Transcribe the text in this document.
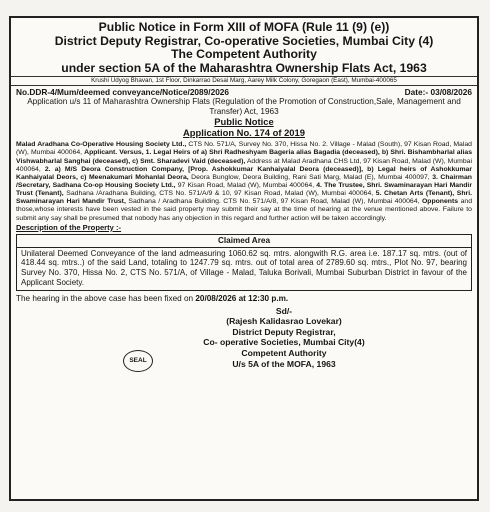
Public Notice in Form XIII of MOFA (Rule 11 (9) (e))
District Deputy Registrar, Co-operative Societies, Mumbai City (4)
The Competent Authority
under section 5A of the Maharashtra Ownership Flats Act, 1963
Krushi Udyog Bhavan, 1st Floor, Dinkarrao Desai Marg, Aarey Milk Colony, Goregaon (East), Mumbai-400065
No.DDR-4/Mum/deemed conveyance/Notice/2089/2026	Date:- 03/08/2026
Application u/s 11 of Maharashtra Ownership Flats (Regulation of the Promotion of Construction,Sale, Management and Transfer) Act, 1963
Public Notice
Application No. 174 of 2019
Malad Aradhana Co-Operative Housing Society Ltd., CTS No. 571/A, Survey No. 370, Hissa No. 2. Village - Malad (South), 97 Kisan Road, Malad (W), Mumbai 400064, Applicant. Versus, 1. Legal Heirs of a) Shri Radheshyam Bageria alias Bagadia (deceased), b) Shri. Bishambharlal alias Vishwabharlal Sanghai (deceased), c) Smt. Sharadevi Vaid (deceased), Address at Malad Aradhana CHS Ltd, 97 Kisan Road, Malad (W), Mumbai 400064, 2. a) M/S Deora Construction Company, [Prop. Ashokkumar Kanhaiyalal Deora (deceased)], b) Legal heirs of Ashokkumar Kanhaiyalal Deors, c) Meenakumari Mohanlal Deora, Deora Bunglow, Deora Building, Rani Sati Marg, Malad (E), Mumbai 400097, 3. Chairman /Secretary, Sadhana Co-op Housing Society Ltd., 97 Kisan Road, Malad (W), Mumbai 400064, 4. The Trustee, Shri. Swaminarayan Hari Mandir Trust (Tenant), Sadhana /Aradhana Building, CTS No. 571/A/9 & 10, 97 Kisan Road, Malad (W), Mumbai 400064, 5. Chetan Arts (Tenant), Shri. Swaminarayan Hari Mandir Trust, Sadhana / Aradhana Building. CTS No. 571/A/8, 97 Kisan Road, Malad (W), Mumbai 400064, Opponents and those,whose interests have been vested in the said property may submit their say at the time of hearing at the venue mentioned above. Failure to submit any say shall be presumed that nobody has any objection in this regard and further action will be taken accordingly.
Description of the Property :-
Claimed Area
Unilateral Deemed Conveyance of the land admeasuring 1060.62 sq. mtrs. alongwith R.G. area i.e. 187.17 sq. mtrs. (out of 418.44 sq. mtrs..) of the said Land, totaling to 1247.79 sq. mtrs. out of total area of 2789.60 sq. mtrs., Plot No. 97, bearing Survey No. 370, Hissa No. 2, CTS No. 571/A, of Village - Malad, Taluka Borivali, Mumbai Suburban District in favour of the Applicant Society.
The hearing in the above case has been fixed on 20/08/2026 at 12:30 p.m.
SEAL
Sd/-
(Rajesh Kalidasrao Lovekar)
District Deputy Registrar,
Co- operative Societies, Mumbai City(4)
Competent Authority
U/s 5A of the MOFA, 1963
